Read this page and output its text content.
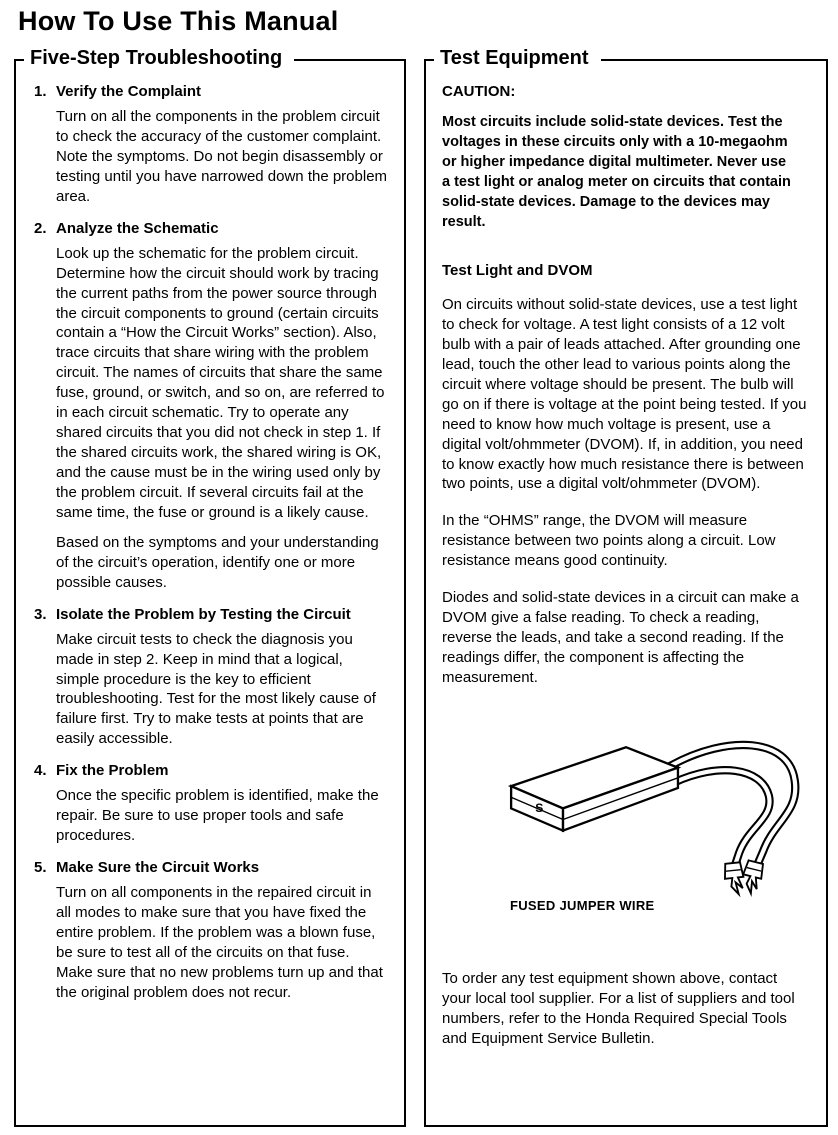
How To Use This Manual
Five-Step Troubleshooting
1. Verify the Complaint

Turn on all the components in the problem circuit to check the accuracy of the customer complaint. Note the symptoms. Do not begin disassembly or testing until you have narrowed down the problem area.

2. Analyze the Schematic

Look up the schematic for the problem circuit. Determine how the circuit should work by tracing the current paths from the power source through the circuit components to ground (certain circuits contain a “How the Circuit Works” section). Also, trace circuits that share wiring with the problem circuit. The names of circuits that share the same fuse, ground, or switch, and so on, are referred to in each circuit schematic. Try to operate any shared circuits that you did not check in step 1. If the shared circuits work, the shared wiring is OK, and the cause must be in the wiring used only by the problem circuit. If several circuits fail at the same time, the fuse or ground is a likely cause.

Based on the symptoms and your understanding of the circuit’s operation, identify one or more possible causes.

3. Isolate the Problem by Testing the Circuit

Make circuit tests to check the diagnosis you made in step 2. Keep in mind that a logical, simple procedure is the key to efficient troubleshooting. Test for the most likely cause of failure first. Try to make tests at points that are easily accessible.

4. Fix the Problem

Once the specific problem is identified, make the repair. Be sure to use proper tools and safe procedures.

5. Make Sure the Circuit Works

Turn on all components in the repaired circuit in all modes to make sure that you have fixed the entire problem. If the problem was a blown fuse, be sure to test all of the circuits on that fuse. Make sure that no new problems turn up and that the original problem does not recur.

Test Equipment
CAUTION:

Most circuits include solid-state devices. Test the voltages in these circuits only with a 10-megaohm or higher impedance digital multimeter. Never use a test light or analog meter on circuits that contain solid-state devices. Damage to the devices may result.

Test Light and DVOM

On circuits without solid-state devices, use a test light to check for voltage. A test light consists of a 12 volt bulb with a pair of leads attached. After grounding one lead, touch the other lead to various points along the circuit where voltage should be present. The bulb will go on if there is voltage at the point being tested. If you need to know how much voltage is present, use a digital volt/ohmmeter (DVOM). If, in addition, you need to know exactly how much resistance there is between two points, use a digital volt/ohmmeter (DVOM).

In the “OHMS” range, the DVOM will measure resistance between two points along a circuit. Low resistance means good continuity.

Diodes and solid-state devices in a circuit can make a DVOM give a false reading. To check a reading, reverse the leads, and take a second reading. If the readings differ, the component is affecting the measurement.

S
FUSED JUMPER WIRE

To order any test equipment shown above, contact your local tool supplier. For a list of suppliers and tool numbers, refer to the Honda Required Special Tools and Equipment Service Bulletin.
